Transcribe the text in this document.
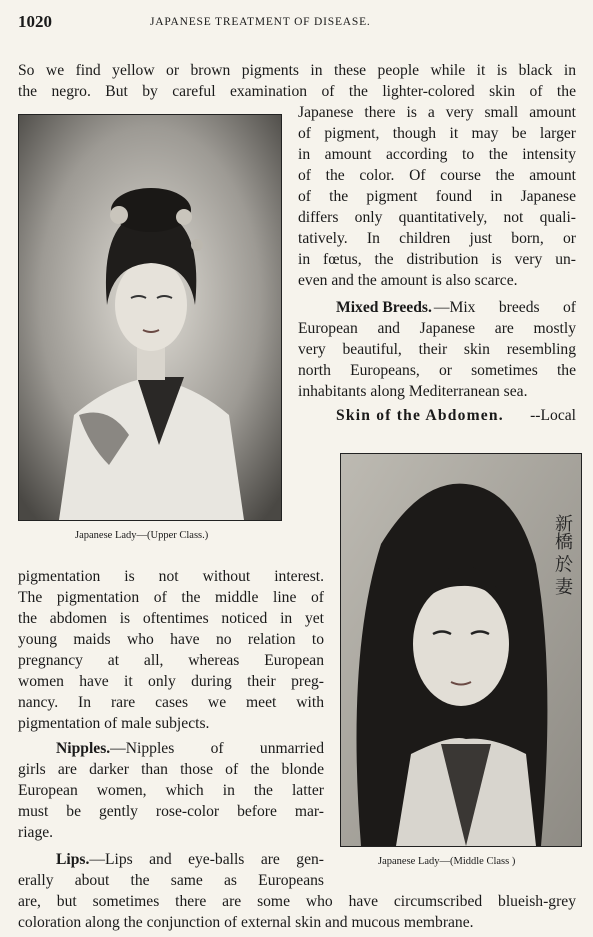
1020	JAPANESE TREATMENT OF DISEASE.
So we find yellow or brown pigments in these people while it is black in
the negro. But by careful examination of the lighter-colored skin of the
Japanese Lady—(Upper Class.)
Japanese there is a very small amount
of pigment, though it may be larger
in amount according to the intensity
of the color. Of course the amount
of the pigment found in Japanese
differs only quantitatively, not quali-
tatively. In children just born, or
in fœtus, the distribution is very un-
even and the amount is also scarce.
Mixed Breeds. —Mix breeds of
European and Japanese are mostly
very beautiful, their skin resembling
north Europeans, or sometimes the
inhabitants along Mediterranean sea.
Skin of the Abdomen. --Local
新橋 於 妻
Japanese Lady—(Middle Class )
pigmentation is not without interest.
The pigmentation of the middle line of
the abdomen is oftentimes noticed in yet
young maids who have no relation to
pregnancy at all, whereas European
women have it only during their preg-
nancy. In rare cases we meet with
pigmentation of male subjects.
Nipples. —Nipples of unmarried
girls are darker than those of the blonde
European women, which in the latter
must be gently rose-color before mar-
riage.
Lips. —Lips and eye-balls are gen-
erally about the same as Europeans
are, but sometimes there are some who have circumscribed blueish-grey
coloration along the conjunction of external skin and mucous membrane.
